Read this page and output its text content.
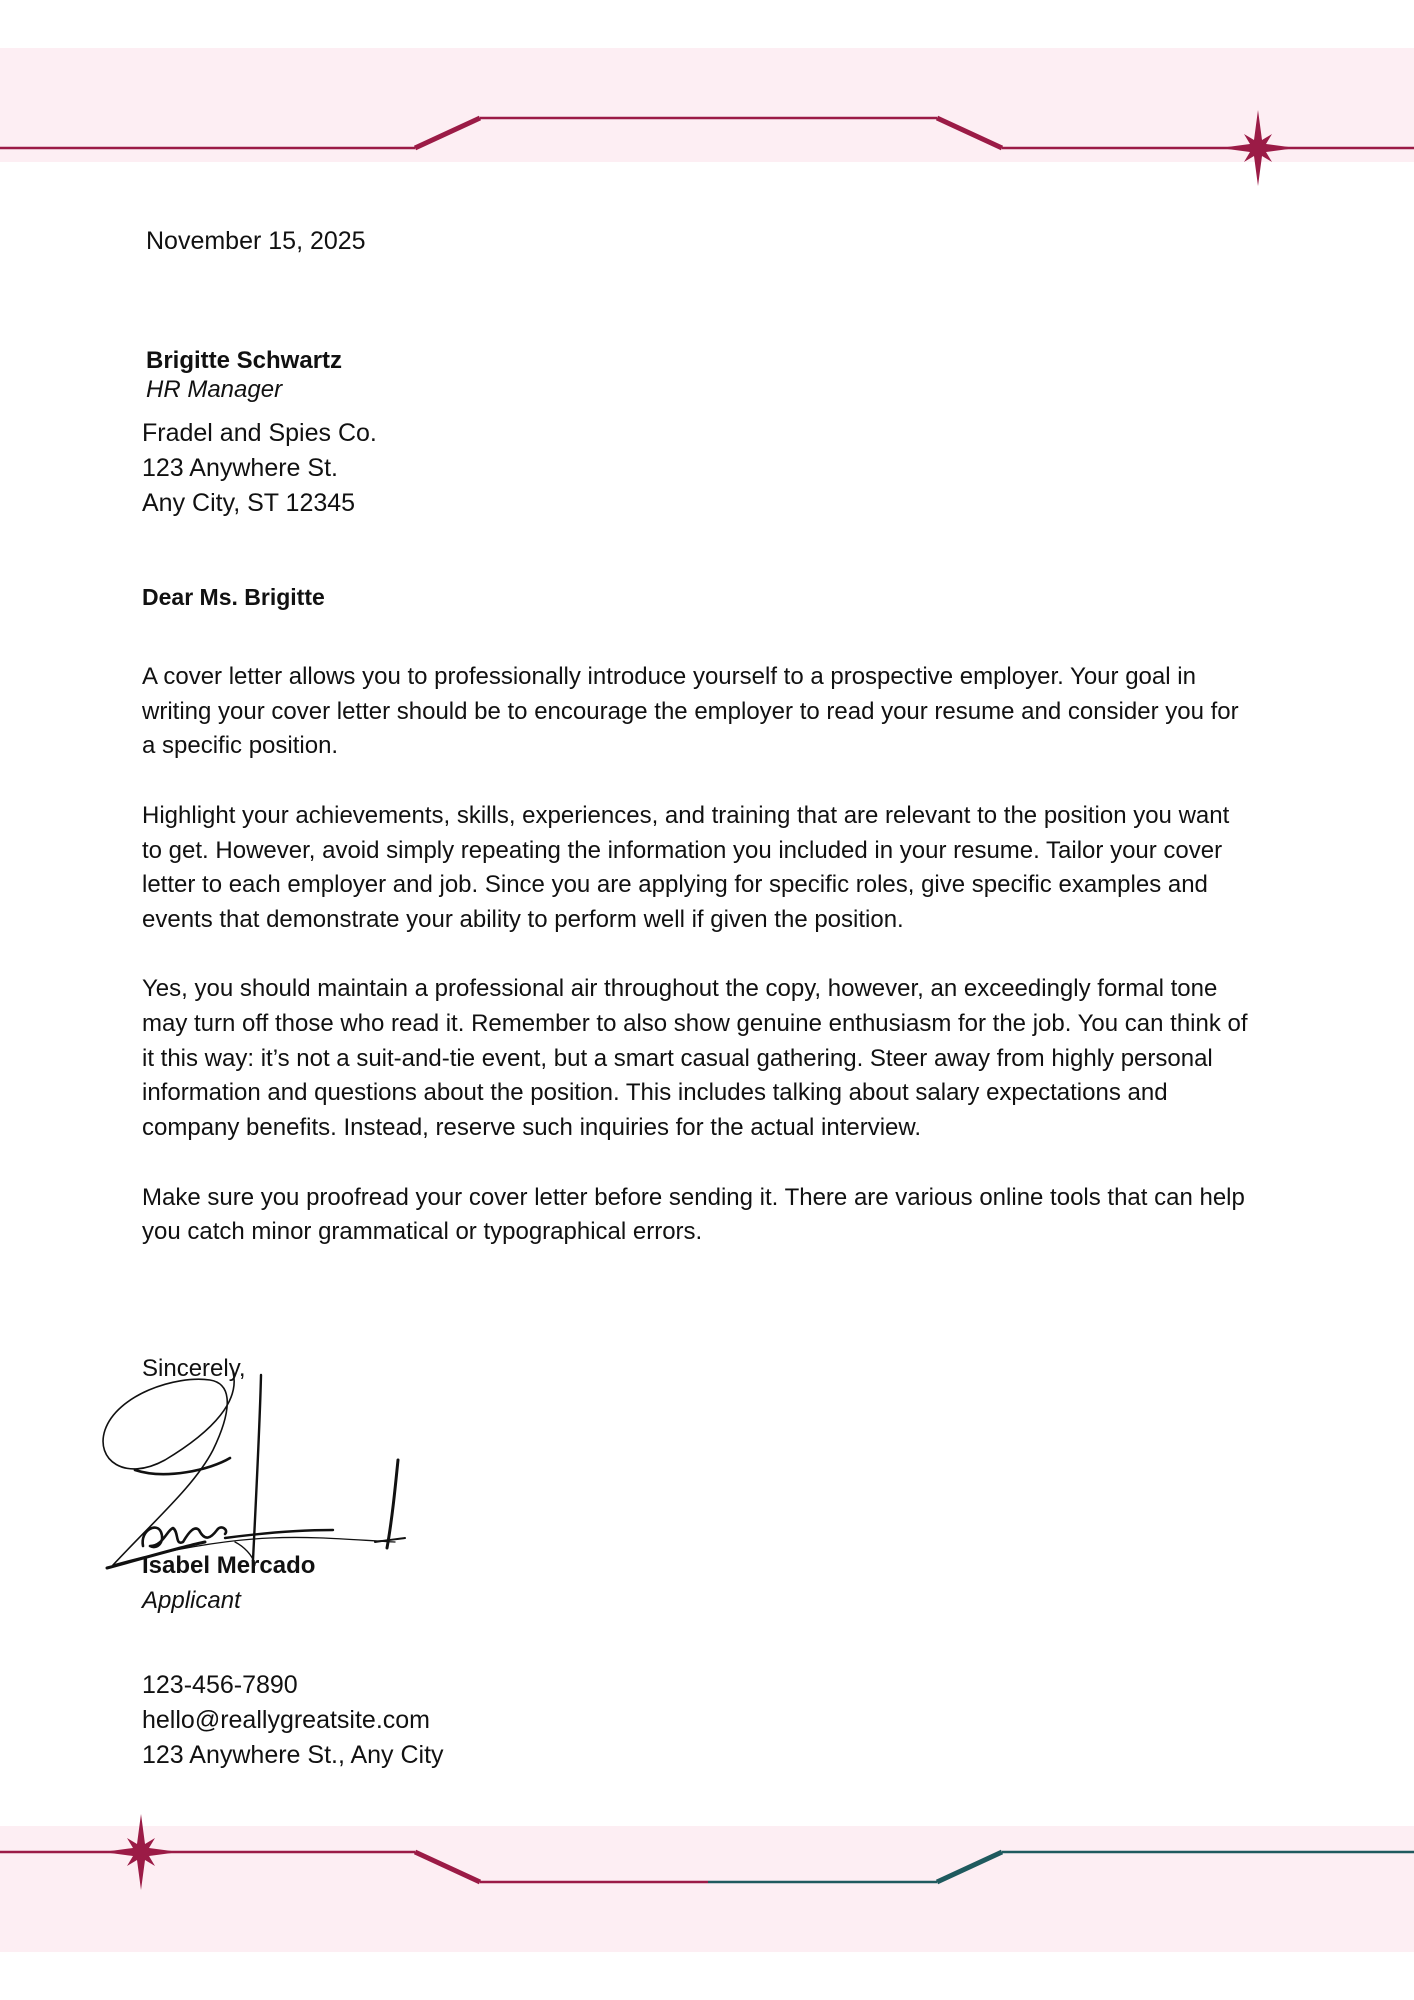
November 15, 2025
Brigitte Schwartz
HR Manager
Fradel and Spies Co.
123 Anywhere St.
Any City, ST 12345
Dear Ms. Brigitte

A cover letter allows you to professionally introduce yourself to a prospective employer. Your goal in writing your cover letter should be to encourage the employer to read your resume and consider you for a specific position.

Highlight your achievements, skills, experiences, and training that are relevant to the position you want to get. However, avoid simply repeating the information you included in your resume. Tailor your cover letter to each employer and job. Since you are applying for specific roles, give specific examples and events that demonstrate your ability to perform well if given the position.

Yes, you should maintain a professional air throughout the copy, however, an exceedingly formal tone may turn off those who read it. Remember to also show genuine enthusiasm for the job. You can think of it this way: it’s not a suit-and-tie event, but a smart casual gathering. Steer away from highly personal information and questions about the position. This includes talking about salary expectations and company benefits. Instead, reserve such inquiries for the actual interview.

Make sure you proofread your cover letter before sending it. There are various online tools that can help you catch minor grammatical or typographical errors.

Sincerely,
Isabel Mercado
Applicant
123-456-7890
hello@reallygreatsite.com
123 Anywhere St., Any City
